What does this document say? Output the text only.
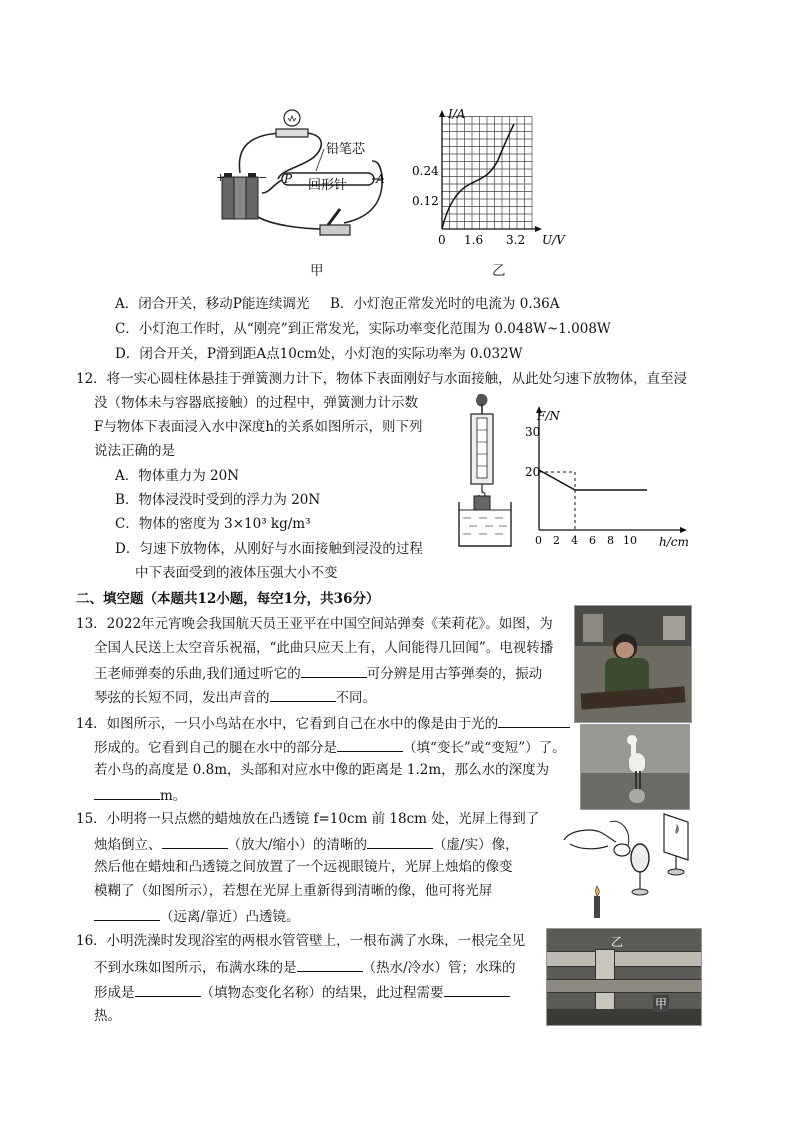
铅笔芯
P 回形针 A
+	−
甲
I/A
U/V
0.24
0.12
0 1.6 3.2
乙
A．闭合开关，移动P能连续调光 B．小灯泡正常发光时的电流为 0.36A
C．小灯泡工作时，从“刚亮”到正常发光，实际功率变化范围为 0.048W~1.008W
D．闭合开关，P滑到距A点10cm处，小灯泡的实际功率为 0.032W
12．将一实心圆柱体悬挂于弹簧测力计下，物体下表面刚好与水面接触，从此处匀速下放物体，直至浸
没（物体未与容器底接触）的过程中，弹簧测力计示数
F与物体下表面浸入水中深度h的关系如图所示，则下列
说法正确的是
A．物体重力为 20N
B．物体浸没时受到的浮力为 20N
C．物体的密度为 3×10³ kg/m³
D．匀速下放物体，从刚好与水面接触到浸没的过程
中下表面受到的液体压强大小不变
F/N
h/cm
30
20
0 2 4 6 8 10
二、填空题（本题共12小题，每空1分，共36分）
13．2022年元宵晚会我国航天员王亚平在中国空间站弹奏《茉莉花》。如图，为
全国人民送上太空音乐祝福，“此曲只应天上有，人间能得几回闻”。电视转播
王老师弹奏的乐曲,我们通过听它的	可分辨是用古筝弹奏的，振动
琴弦的长短不同，发出声音的	不同。
14．如图所示，一只小鸟站在水中，它看到自己在水中的像是由于光的
形成的。它看到自己的腿在水中的部分是	（填“变长”或“变短”）了。
若小鸟的高度是 0.8m，头部和对应水中像的距离是 1.2m，那么水的深度为
m。
15．小明将一只点燃的蜡烛放在凸透镜 f=10cm 前 18cm 处，光屏上得到了
烛焰倒立、	（放大/缩小）的清晰的	（虚/实）像，
然后他在蜡烛和凸透镜之间放置了一个远视眼镜片，光屏上烛焰的像变
模糊了（如图所示），若想在光屏上重新得到清晰的像，他可将光屏
（远离/靠近）凸透镜。
16．小明洗澡时发现浴室的两根水管管壁上，一根布满了水珠，一根完全见
不到水珠如图所示，布满水珠的是	（热水/冷水）管；水珠的
形成是	（填物态变化名称）的结果，此过程需要
热。
乙
甲
